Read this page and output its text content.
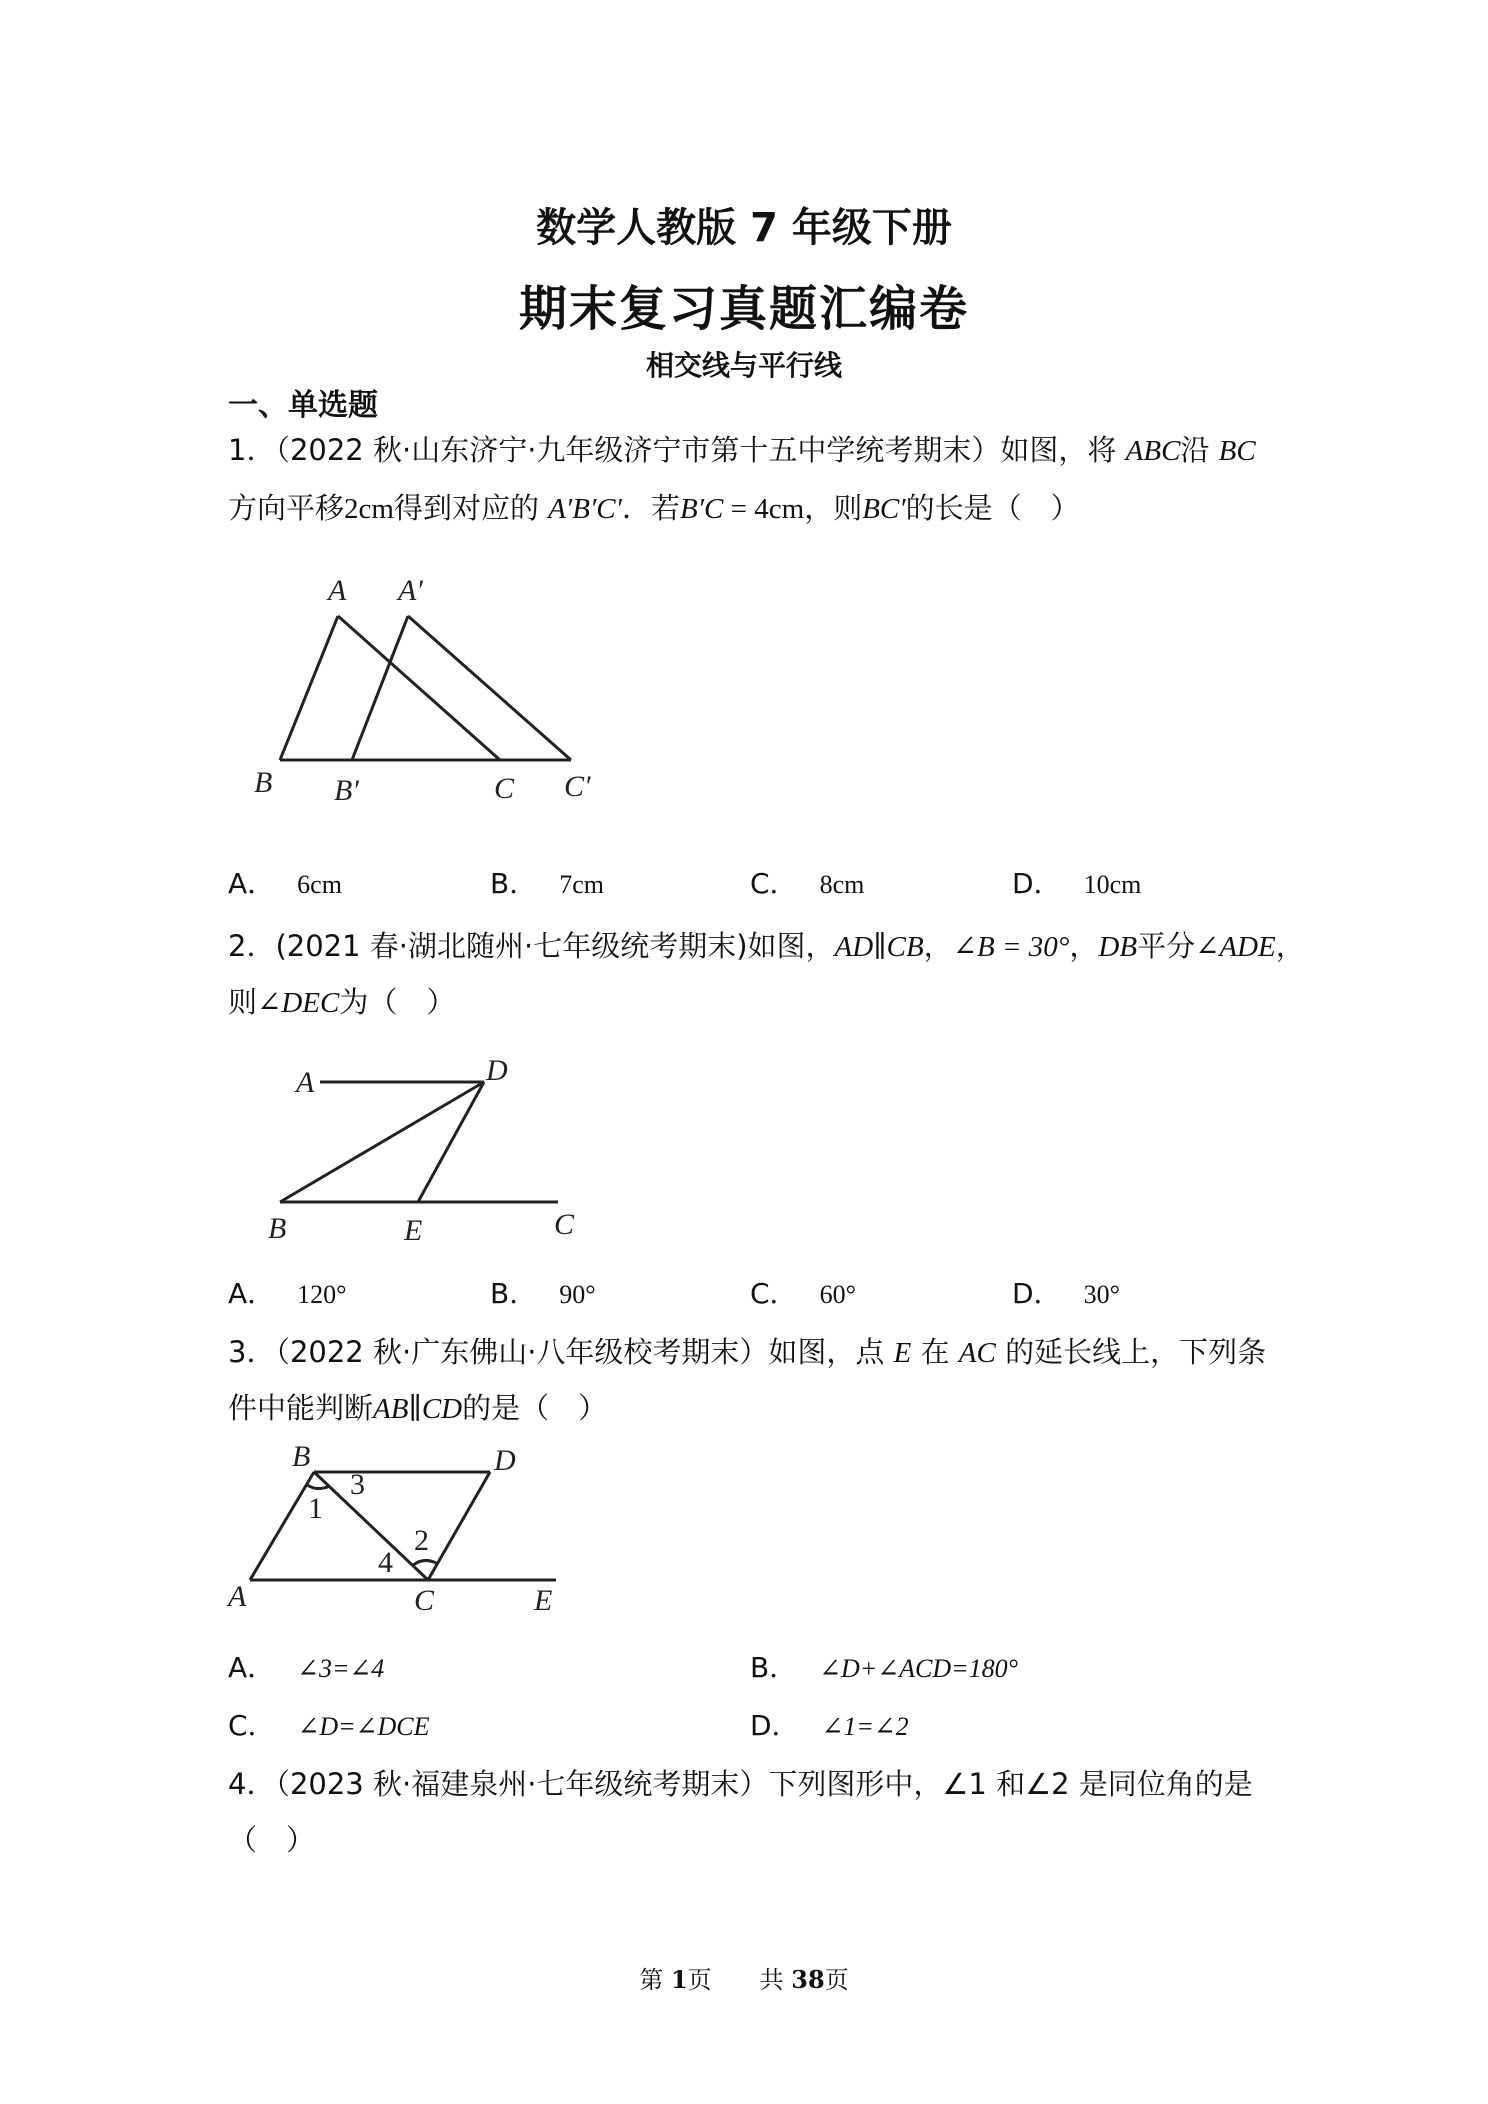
数学人教版 7 年级下册
期末复习真题汇编卷
相交线与平行线
一、单选题
1．（2022 秋·山东济宁·九年级济宁市第十五中学统考期末）如图，将 ABC沿 BC
方向平移2cm得到对应的 A′B′C′．若B′C = 4cm，则BC′的长是（　）
A A′
B B′	C C′
A． 6cm	B． 7cm	C． 8cm	D． 10cm
2．(2021 春·湖北随州·七年级统考期末)如图，AD∥CB，∠B = 30°，DB平分∠ADE，
则∠DEC为（　）
A	D
B	E	C
A． 120°	B． 90°	C． 60°	D． 30°
3．（2022 秋·广东佛山·八年级校考期末）如图，点 E 在 AC 的延长线上，下列条
件中能判断AB∥CD的是（　）
B	D
A	C	E
1
3
2
4
A． ∠3=∠4	B． ∠D+∠ACD=180°
C． ∠D=∠DCE	D． ∠1=∠2
4．（2023 秋·福建泉州·七年级统考期末）下列图形中，∠1 和∠2 是同位角的是
（　）
第 1页　　共 38页
